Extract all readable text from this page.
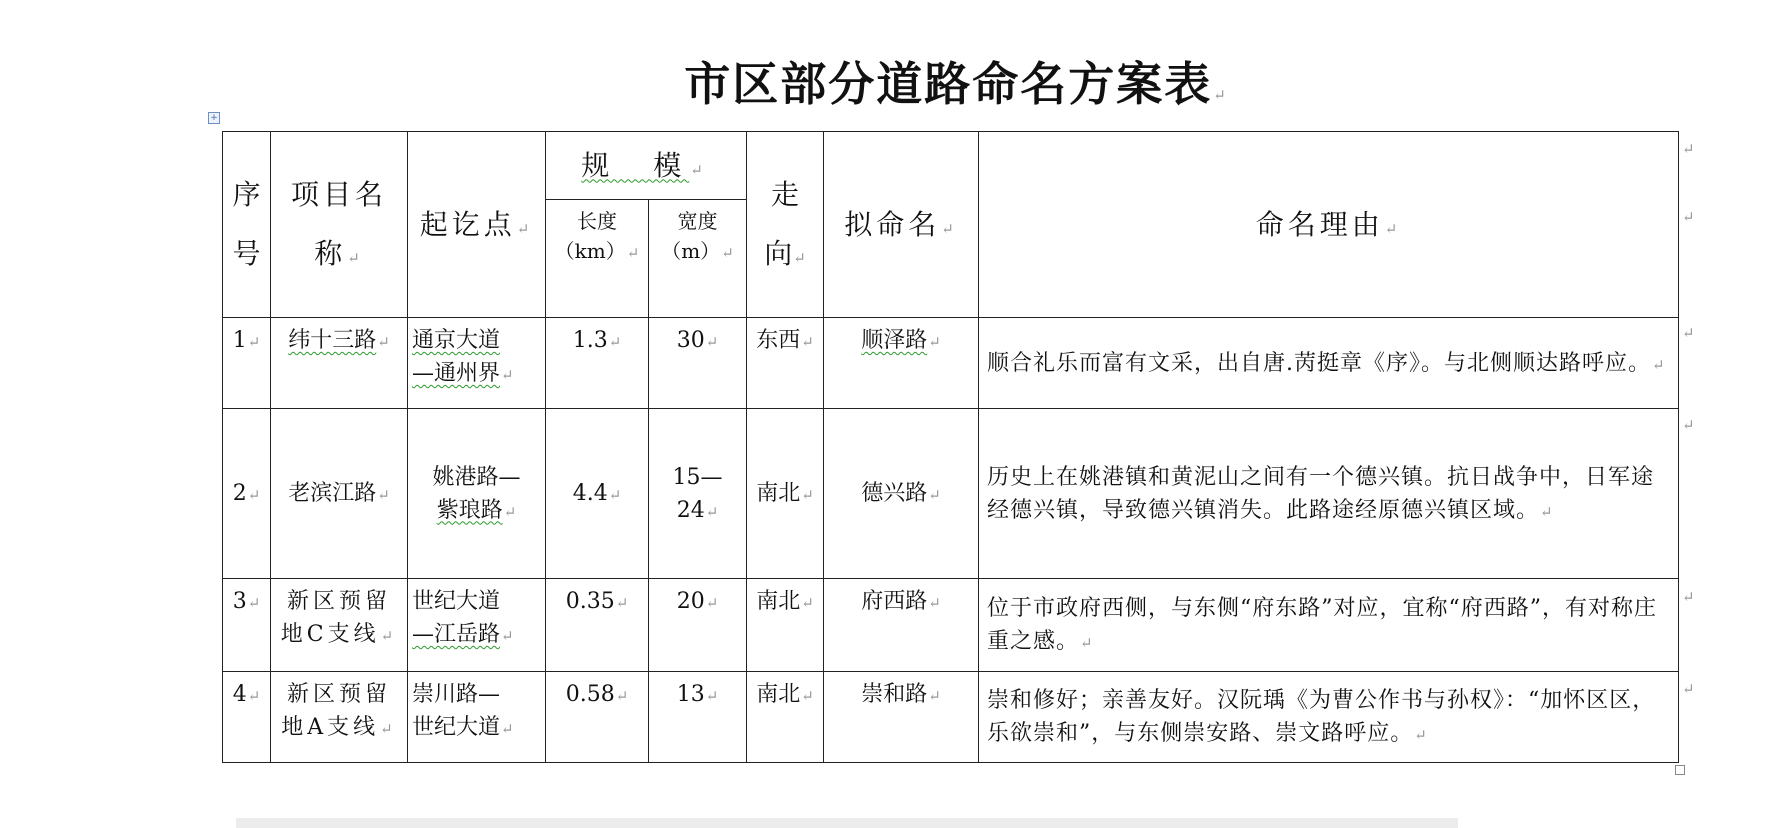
市区部分道路命名方案表↵
+
序
号	项目名
称↵	起讫点↵	规　模↵		走
向↵	拟命名↵	命名理由↵
			长度
（km）↵	宽度
（m）↵			
1↵	纬十三路↵	通京大道
—通州界↵	1.3↵	30↵	东西↵	顺泽路↵	顺合礼乐而富有文采，出自唐.苪挺章《序》。与北侧顺达路呼应。↵
2↵	老滨江路↵	姚港路—
紫琅路↵	4.4↵	15—24↵	南北↵	德兴路↵	历史上在姚港镇和黄泥山之间有一个德兴镇。抗日战争中，日军途经德兴镇，导致德兴镇消失。此路途经原德兴镇区域。↵
3↵	新区预留
地C支线↵	世纪大道
—江岳路↵	0.35↵	20↵	南北↵	府西路↵	位于市政府西侧，与东侧“府东路”对应，宜称“府西路”，有对称庄重之感。↵
4↵	新区预留
地A支线↵	崇川路—
世纪大道↵	0.58↵	13↵	南北↵	崇和路↵	崇和修好；亲善友好。汉阮瑀《为曹公作书与孙权》：“加怀区区，乐欲崇和”，与东侧崇安路、崇文路呼应。↵
↵
↵
↵
↵
↵
↵
